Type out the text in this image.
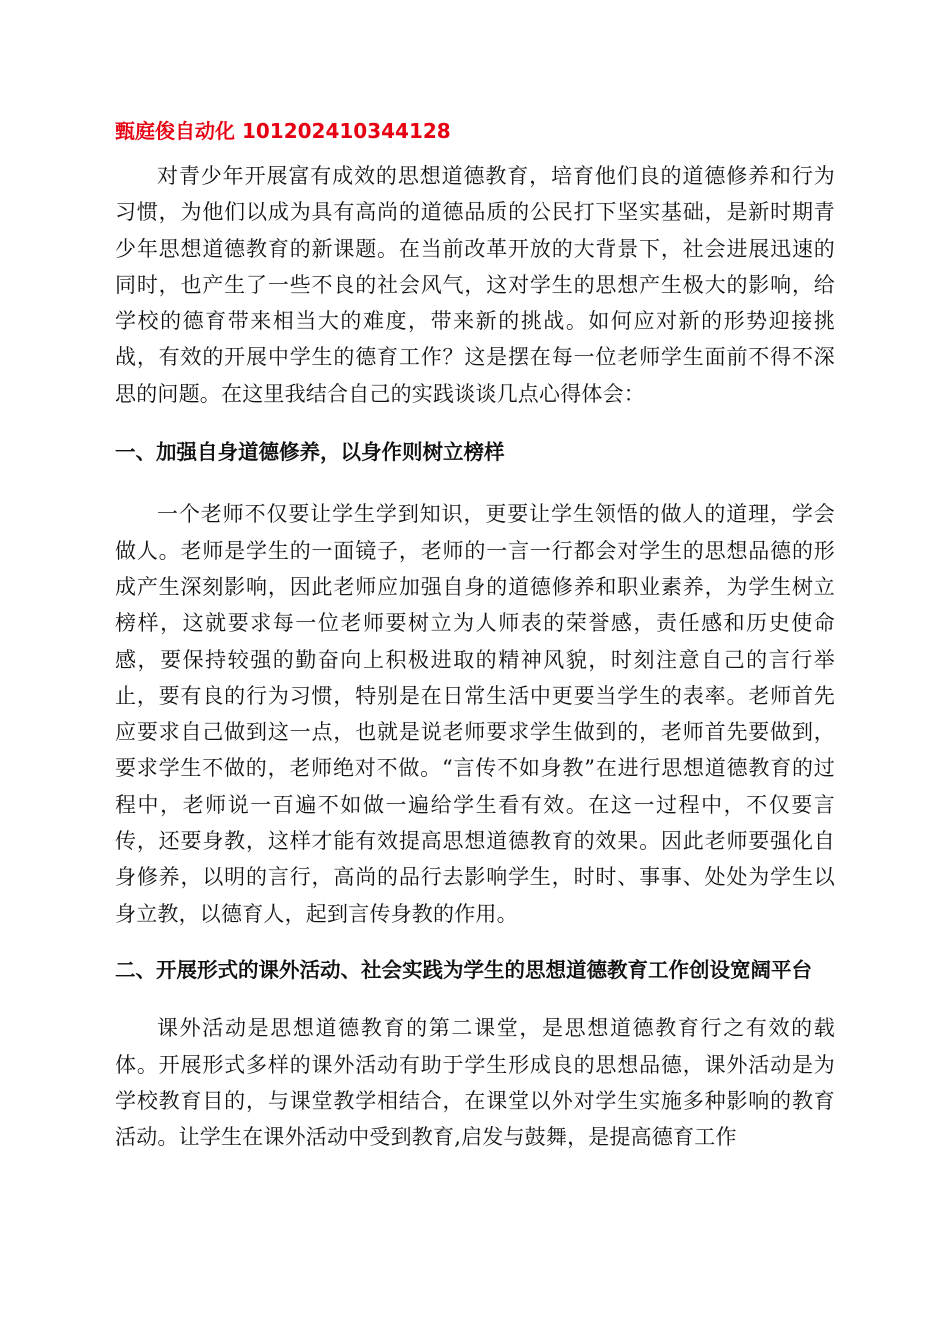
甄庭俊自动化 101202410344128

对青少年开展富有成效的思想道德教育，培育他们良的道德修养和行为习惯，为他们以成为具有高尚的道德品质的公民打下坚实基础，是新时期青少年思想道德教育的新课题。在当前改革开放的大背景下，社会进展迅速的同时，也产生了一些不良的社会风气，这对学生的思想产生极大的影响，给学校的德育带来相当大的难度，带来新的挑战。如何应对新的形势迎接挑战，有效的开展中学生的德育工作？这是摆在每一位老师学生面前不得不深思的问题。在这里我结合自己的实践谈谈几点心得体会：

一、加强自身道德修养，以身作则树立榜样

一个老师不仅要让学生学到知识，更要让学生领悟的做人的道理，学会做人。老师是学生的一面镜子，老师的一言一行都会对学生的思想品德的形成产生深刻影响，因此老师应加强自身的道德修养和职业素养，为学生树立榜样，这就要求每一位老师要树立为人师表的荣誉感，责任感和历史使命感，要保持较强的勤奋向上积极进取的精神风貌，时刻注意自己的言行举止，要有良的行为习惯，特别是在日常生活中更要当学生的表率。老师首先应要求自己做到这一点，也就是说老师要求学生做到的，老师首先要做到，要求学生不做的，老师绝对不做。“言传不如身教”在进行思想道德教育的过程中，老师说一百遍不如做一遍给学生看有效。在这一过程中，不仅要言传，还要身教，这样才能有效提高思想道德教育的效果。因此老师要强化自身修养，以明的言行，高尚的品行去影响学生，时时、事事、处处为学生以身立教，以德育人，起到言传身教的作用。

二、开展形式的课外活动、社会实践为学生的思想道德教育工作创设宽阔平台

课外活动是思想道德教育的第二课堂，是思想道德教育行之有效的载体。开展形式多样的课外活动有助于学生形成良的思想品德，课外活动是为学校教育目的，与课堂教学相结合，在课堂以外对学生实施多种影响的教育活动。让学生在课外活动中受到教育,启发与鼓舞，是提高德育工作
